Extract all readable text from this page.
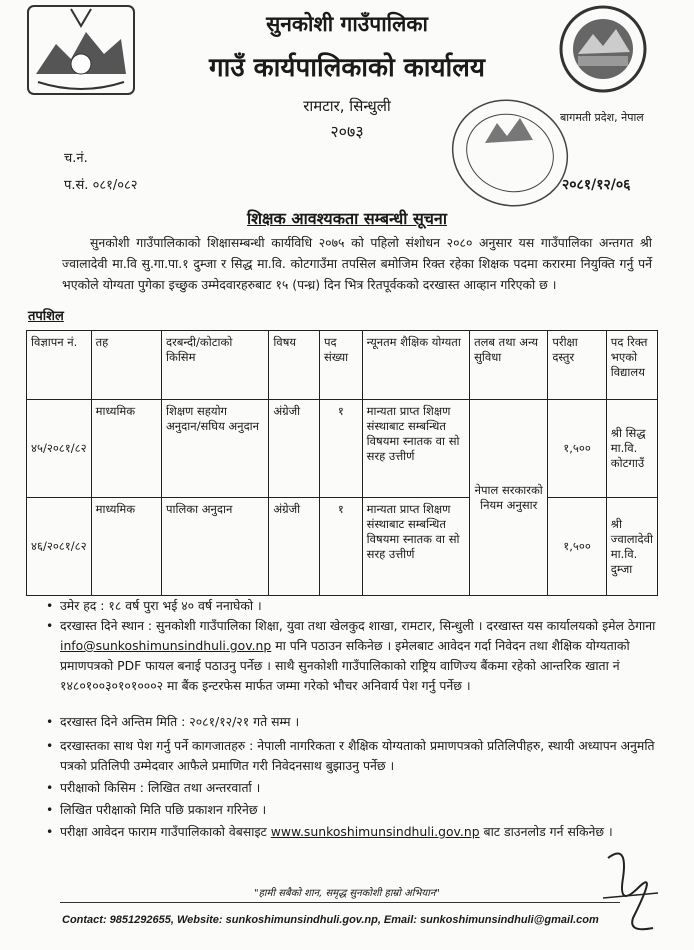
सुनकोशी गाउँपालिका
गाउँ कार्यपालिकाको कार्यालय
रामटार, सिन्धुली
२०७३
बागमती प्रदेश, नेपाल
च.नं.
प.सं. ०८१/०८२	२०८१/१२/०६
शिक्षक आवश्यकता सम्बन्धी सूचना
सुनकोशी गाउँपालिकाको शिक्षासम्बन्धी कार्यविधि २०७५ को पहिलो संशोधन २०८० अनुसार यस गाउँपालिका अन्तगत श्री ज्वालादेवी मा.वि सु.गा.पा.१ दुम्जा र सिद्ध मा.वि. कोटगाउँमा तपसिल बमोजिम रिक्त रहेका शिक्षक पदमा करारमा नियुक्ति गर्नु पर्ने भएकोले योग्यता पुगेका इच्छुक उम्मेदवारहरुबाट १५ (पन्ध्र) दिन भित्र रितपूर्वकको दरखास्त आव्हान गरिएको छ ।
तपशिल
विज्ञापन नं.	तह	दरबन्दी/कोटाको किसिम	विषय	पद संख्या	न्यूनतम शैक्षिक योग्यता	तलब तथा अन्य सुविधा	परीक्षा दस्तुर	पद रिक्त भएको विद्यालय
४५/२०८१/८२	माध्यमिक	शिक्षण सहयोग अनुदान/सघिय अनुदान	अंग्रेजी	१	मान्यता प्राप्त शिक्षण संस्थाबाट सम्बन्धित विषयमा स्नातक वा सो सरह उत्तीर्ण	नेपाल सरकारको नियम अनुसार	१,५००	श्री सिद्ध मा.वि. कोटगाउँ
४६/२०८१/८२	माध्यमिक	पालिका अनुदान	अंग्रेजी	१	मान्यता प्राप्त शिक्षण संस्थाबाट सम्बन्धित विषयमा स्नातक वा सो सरह उत्तीर्ण		१,५००	श्री ज्वालादेवी मा.वि. दुम्जा
• उमेर हद : १८ वर्ष पुरा भई ४० वर्ष ननाघेको ।
• दरखास्त दिने स्थान : सुनकोशी गाउँपालिका शिक्षा, युवा तथा खेलकुद शाखा, रामटार, सिन्धुली । दरखास्त यस कार्यालयको इमेल ठेगाना info@sunkoshimunsindhuli.gov.np मा पनि पठाउन सकिनेछ । इमेलबाट आवेदन गर्दा निवेदन तथा शैक्षिक योग्यताको प्रमाणपत्रको PDF फायल बनाई पठाउनु पर्नेछ । साथै सुनकोशी गाउँपालिकाको राष्ट्रिय वाणिज्य बैंकमा रहेको आन्तरिक खाता नं १४८०१००३०१०१०००२ मा बैंक इन्टरफेस मार्फत जम्मा गरेको भौचर अनिवार्य पेश गर्नु पर्नेछ ।
• दरखास्त दिने अन्तिम मिति : २०८१/१२/२१ गते सम्म ।
• दरखास्तका साथ पेश गर्नु पर्ने कागजातहरु : नेपाली नागरिकता र शैक्षिक योग्यताको प्रमाणपत्रको प्रतिलिपीहरु, स्थायी अध्यापन अनुमति पत्रको प्रतिलिपी उम्मेदवार आफैले प्रमाणित गरी निवेदनसाथ बुझाउनु पर्नेछ ।
• परीक्षाको किसिम : लिखित तथा अन्तरवार्ता ।
• लिखित परीक्षाको मिति पछि प्रकाशन गरिनेछ ।
• परीक्षा आवेदन फाराम गाउँपालिकाको वेबसाइट www.sunkoshimunsindhuli.gov.np बाट डाउनलोड गर्न सकिनेछ ।
"हामी सबैको शान, समृद्ध सुनकोशी हाम्रो अभियान"
Contact: 9851292655, Website: sunkoshimunsindhuli.gov.np, Email: sunkoshimunsindhuli@gmail.com
